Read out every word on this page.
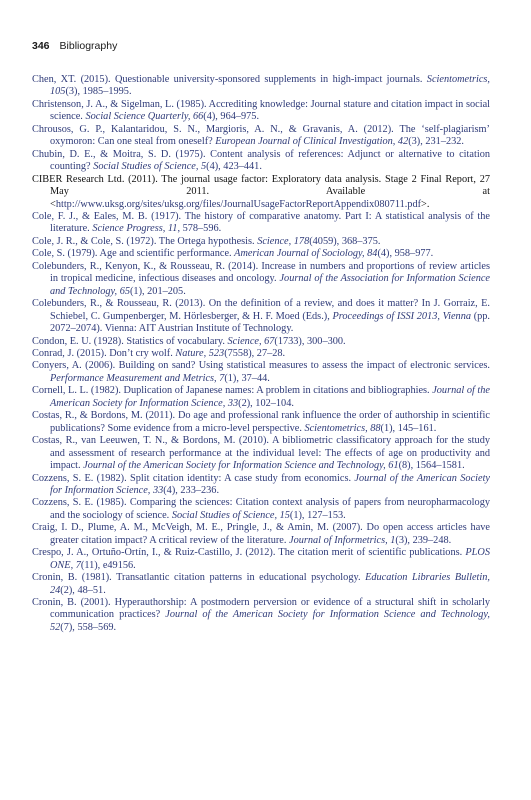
346 Bibliography
Chen, XT. (2015). Questionable university-sponsored supplements in high-impact journals. Scientometrics, 105(3), 1985–1995.
Christenson, J. A., & Sigelman, L. (1985). Accrediting knowledge: Journal stature and citation impact in social science. Social Science Quarterly, 66(4), 964–975.
Chrousos, G. P., Kalantaridou, S. N., Margioris, A. N., & Gravanis, A. (2012). The ‘self-plagiarism’ oxymoron: Can one steal from oneself? European Journal of Clinical Investigation, 42(3), 231–232.
Chubin, D. E., & Moitra, S. D. (1975). Content analysis of references: Adjunct or alternative to citation counting? Social Studies of Science, 5(4), 423–441.
CIBER Research Ltd. (2011). The journal usage factor: Exploratory data analysis. Stage 2 Final Report, 27 May 2011. Available at <http://www.uksg.org/sites/uksg.org/files/JournalUsageFactorReportAppendix080711.pdf>.
Cole, F. J., & Eales, M. B. (1917). The history of comparative anatomy. Part I: A statistical analysis of the literature. Science Progress, 11, 578–596.
Cole, J. R., & Cole, S. (1972). The Ortega hypothesis. Science, 178(4059), 368–375.
Cole, S. (1979). Age and scientific performance. American Journal of Sociology, 84(4), 958–977.
Colebunders, R., Kenyon, K., & Rousseau, R. (2014). Increase in numbers and proportions of review articles in tropical medicine, infectious diseases and oncology. Journal of the Association for Information Science and Technology, 65(1), 201–205.
Colebunders, R., & Rousseau, R. (2013). On the definition of a review, and does it matter? In J. Gorraiz, E. Schiebel, C. Gumpenberger, M. Hörlesberger, & H. F. Moed (Eds.), Proceedings of ISSI 2013, Vienna (pp. 2072–2074). Vienna: AIT Austrian Institute of Technology.
Condon, E. U. (1928). Statistics of vocabulary. Science, 67(1733), 300–300.
Conrad, J. (2015). Don’t cry wolf. Nature, 523(7558), 27–28.
Conyers, A. (2006). Building on sand? Using statistical measures to assess the impact of electronic services. Performance Measurement and Metrics, 7(1), 37–44.
Cornell, L. L. (1982). Duplication of Japanese names: A problem in citations and bibliographies. Journal of the American Society for Information Science, 33(2), 102–104.
Costas, R., & Bordons, M. (2011). Do age and professional rank influence the order of authorship in scientific publications? Some evidence from a micro-level perspective. Scientometrics, 88(1), 145–161.
Costas, R., van Leeuwen, T. N., & Bordons, M. (2010). A bibliometric classificatory approach for the study and assessment of research performance at the individual level: The effects of age on productivity and impact. Journal of the American Society for Information Science and Technology, 61(8), 1564–1581.
Cozzens, S. E. (1982). Split citation identity: A case study from economics. Journal of the American Society for Information Science, 33(4), 233–236.
Cozzens, S. E. (1985). Comparing the sciences: Citation context analysis of papers from neuropharmacology and the sociology of science. Social Studies of Science, 15(1), 127–153.
Craig, I. D., Plume, A. M., McVeigh, M. E., Pringle, J., & Amin, M. (2007). Do open access articles have greater citation impact? A critical review of the literature. Journal of Informetrics, 1(3), 239–248.
Crespo, J. A., Ortuño-Ortín, I., & Ruiz-Castillo, J. (2012). The citation merit of scientific publications. PLOS ONE, 7(11), e49156.
Cronin, B. (1981). Transatlantic citation patterns in educational psychology. Education Libraries Bulletin, 24(2), 48–51.
Cronin, B. (2001). Hyperauthorship: A postmodern perversion or evidence of a structural shift in scholarly communication practices? Journal of the American Society for Information Science and Technology, 52(7), 558–569.
